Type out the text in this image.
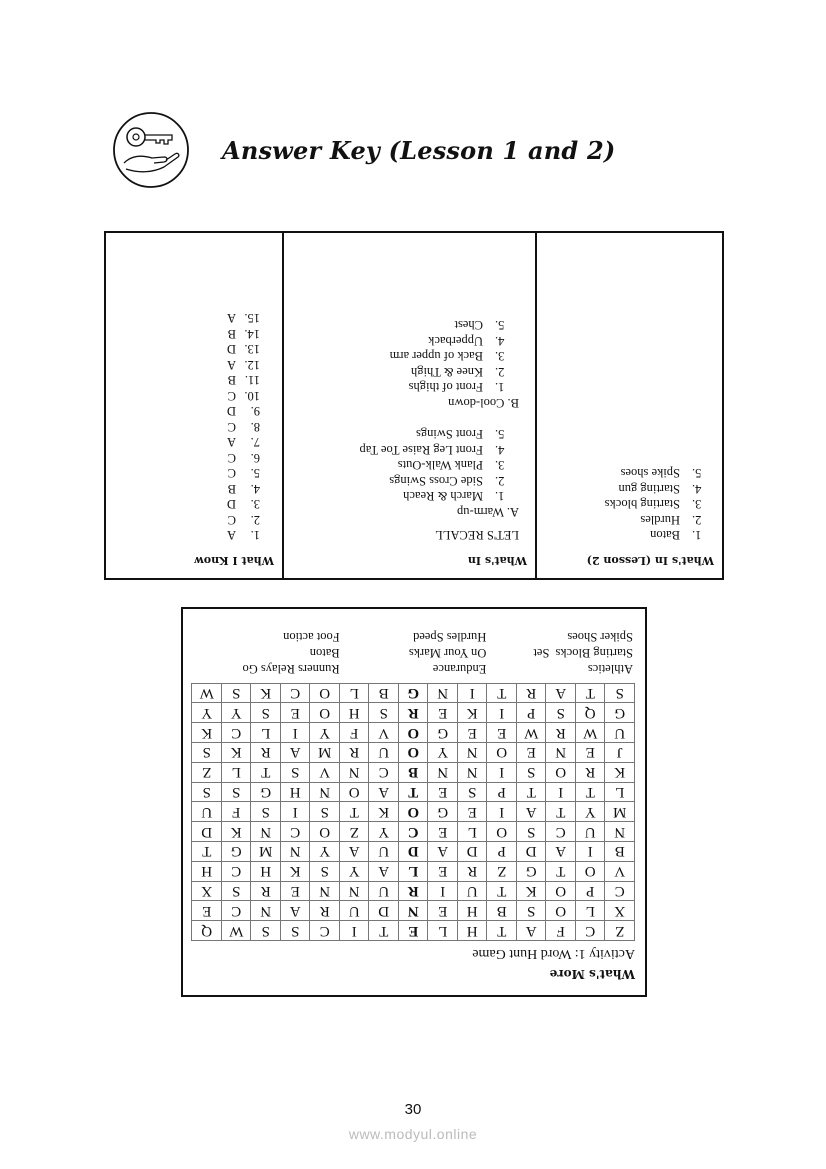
Answer Key (Lesson 1 and 2)
What's In (Lesson 2)
1.
Baton
2.
Hurdles
3.
Starting blocks
4.
Starting gun
5.
Spike shoes
What's In
LET'S RECALL
A. Warm-up
1.
March & Reach
2.
Side Cross Swings
3.
Plank Walk-Outs
4.
Front Leg Raise Toe Tap
5.
Front Swings
B. Cool-down
1.
Front of thighs
2.
Knee & Thigh
3.
Back of upper arm
4.
Upperback
5.
Chest
What I Know
1.
A
2.
C
3.
D
4.
B
5.
C
6.
C
7.
A
8.
C
9.
D
10.
C
11.
B
12.
A
13.
D
14.
B
15.
A
What's More
Activity 1: Word Hunt Game
Z	C	F	A	T	H	L	E	T	I	C	S	S	W	Q
X	L	O	S	B	H	E	N	D	U	R	A	N	C	E
C	P	O	K	T	U	I	R	U	N	N	E	R	S	X
V	O	T	G	Z	R	E	L	A	Y	S	K	H	C	H
B	I	A	D	P	D	A	D	U	A	Y	N	M	G	T
N	U	C	S	O	L	E	C	Y	Z	O	C	N	K	D
M	Y	T	A	I	E	G	O	K	T	S	I	S	F	U
L	T	I	T	P	S	E	T	A	O	N	H	G	S	S
K	R	O	S	I	N	N	B	C	N	V	S	T	L	Z
J	E	N	E	O	N	Y	O	U	R	M	A	R	K	S
U	W	R	W	E	E	G	O	V	F	Y	I	L	C	K
G	Q	S	P	I	K	E	R	S	H	O	E	S	Y	Y
S	T	A	R	T	I	N	G	B	L	O	C	K	S	W
Athletics
Starting Blocks  Set
Spiker Shoes
Endurance
On Your Marks
Hurdles Speed
Runners Relays Go
Baton
Foot action
30
www.modyul.online
